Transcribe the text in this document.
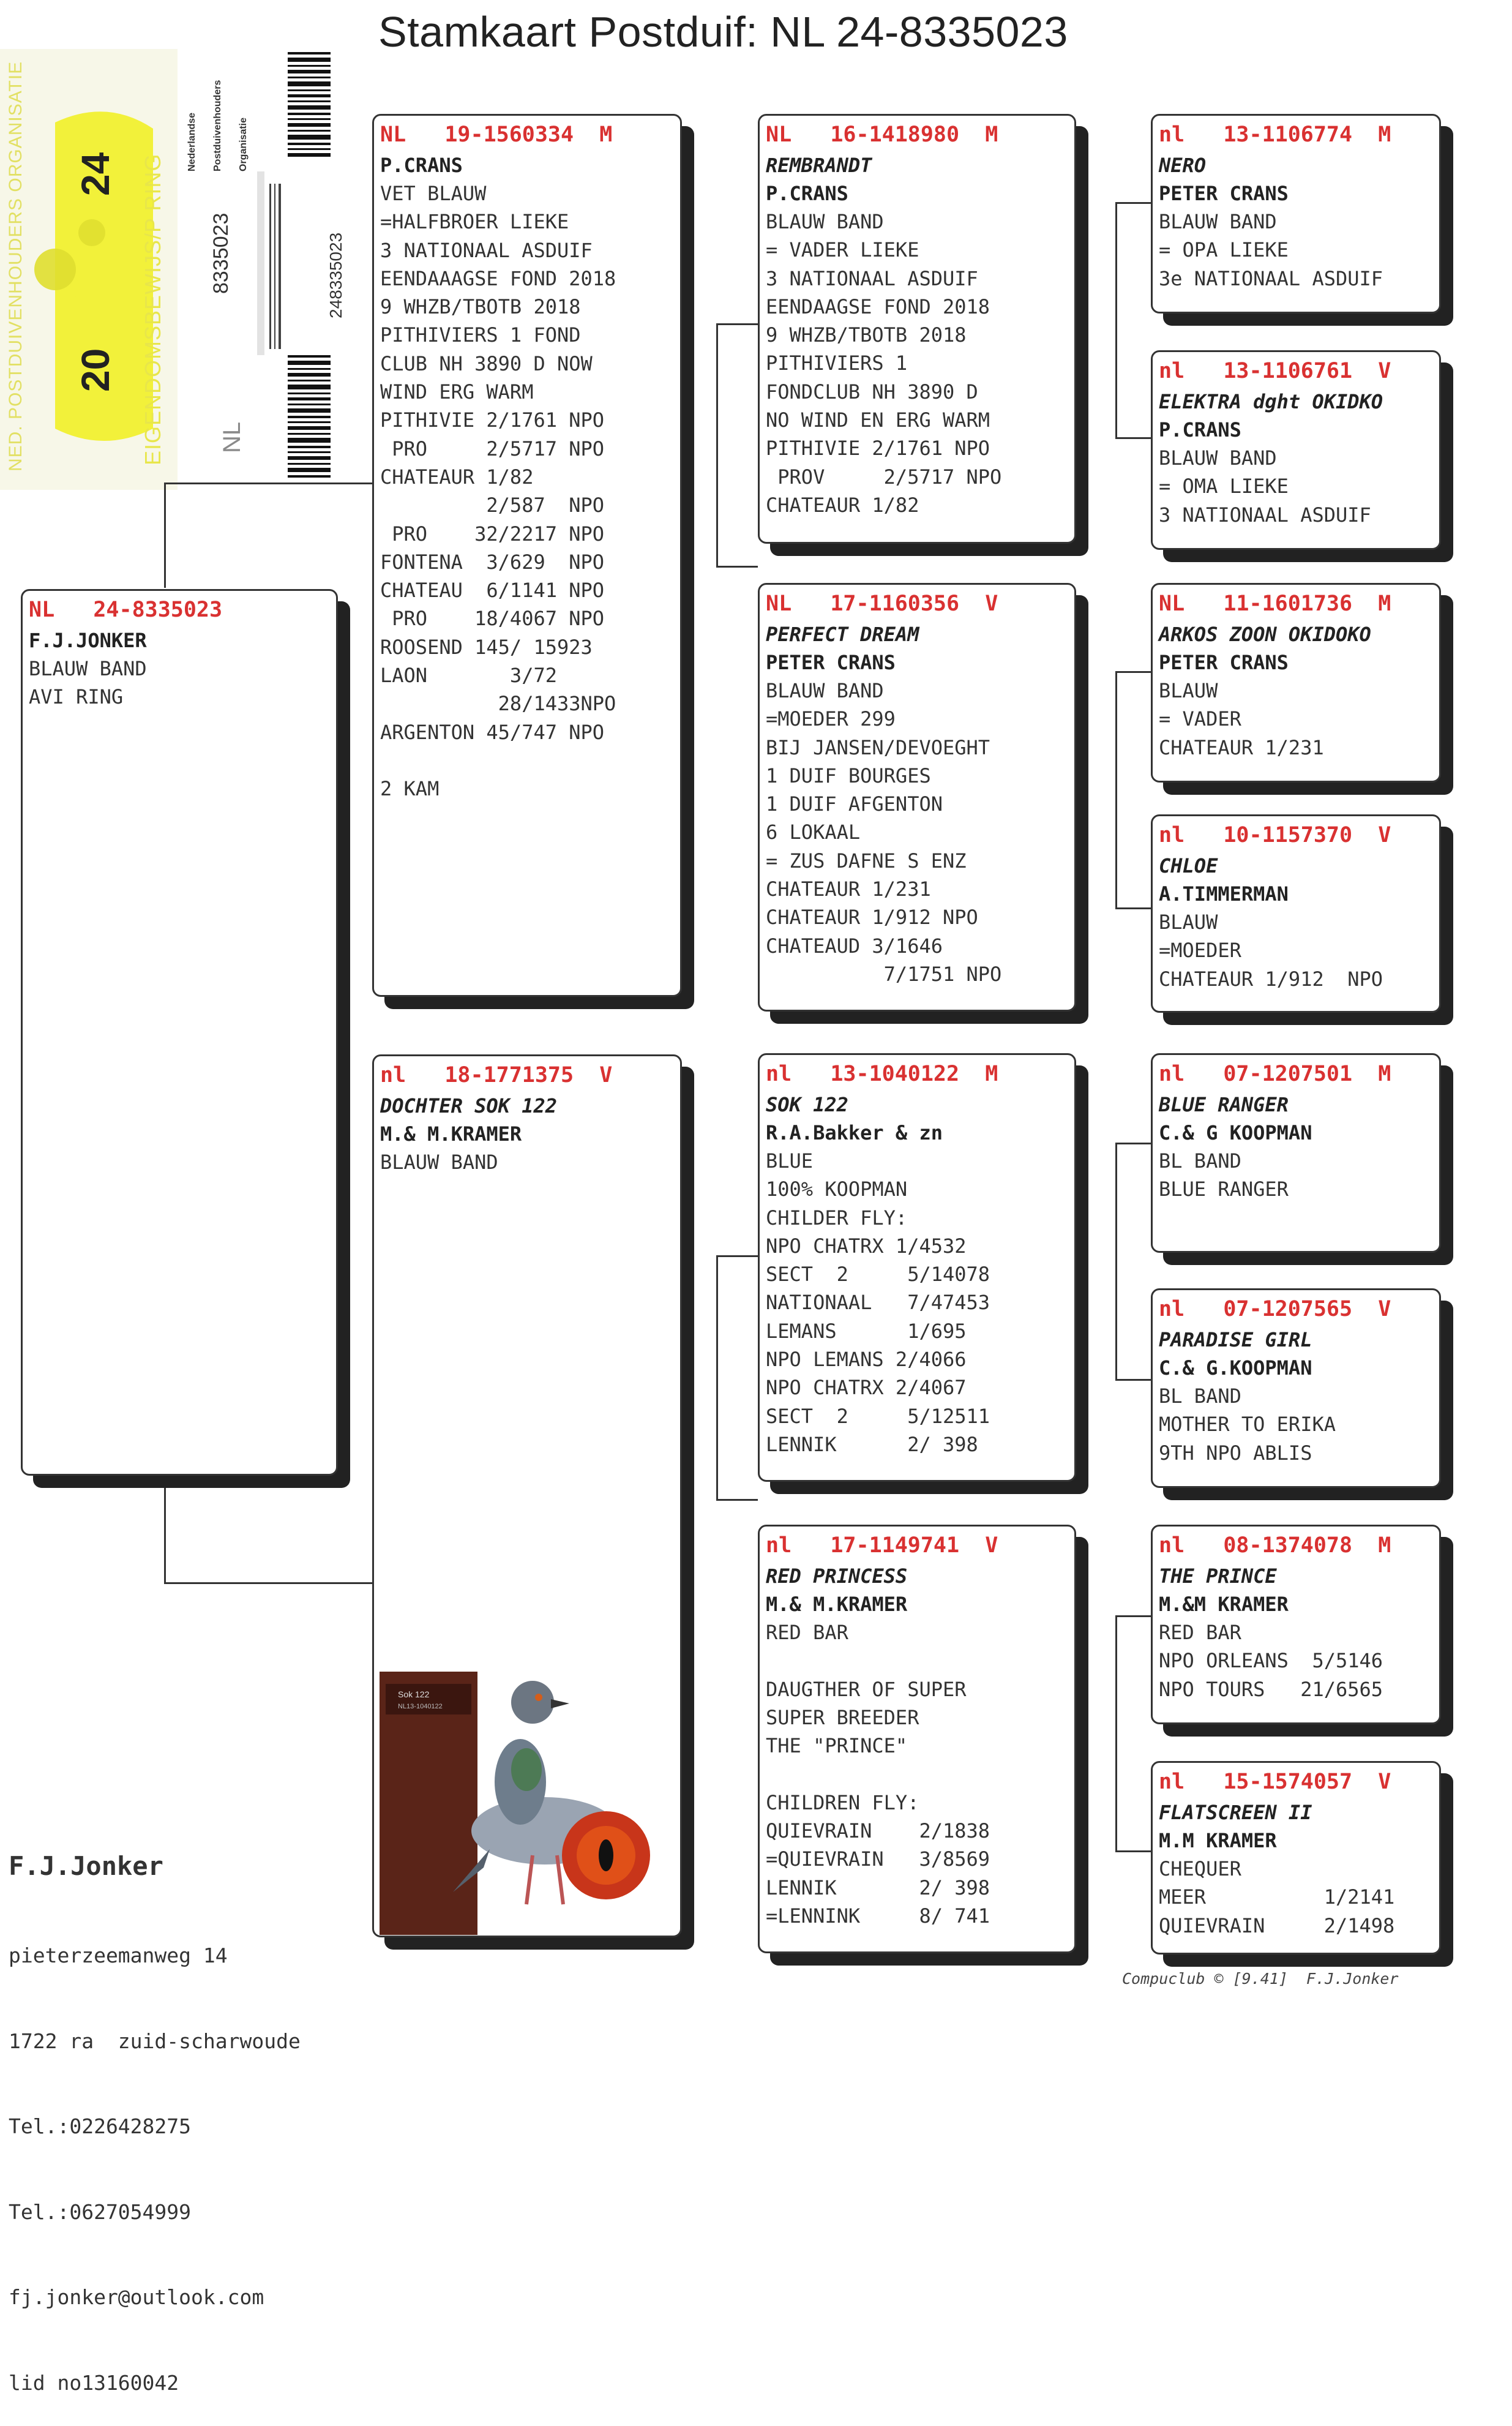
Stamkaart Postduif: NL 24-8335023
NED. POSTDUIVENHOUDERS ORGANISATIE	EIGENDOMSBEWIJS/P RING
20
24
NL
8335023
Nederlandse Postduivenhouders Organisatie
248335023
NL   24-8335023
F.J.JONKER
BLAUW BAND
AVI RING
NL   19-1560334  M
P.CRANS
VET BLAUW
=HALFBROER LIEKE
3 NATIONAAL ASDUIF
EENDAAAGSE FOND 2018
9 WHZB/TBOTB 2018
PITHIVIERS 1 FOND
CLUB NH 3890 D NOW
WIND ERG WARM
PITHIVIE 2/1761 NPO
PRO     2/5717 NPO
CHATEAUR 1/82
2/587  NPO
PRO    32/2217 NPO
FONTENA  3/629  NPO
CHATEAU  6/1141 NPO
PRO    18/4067 NPO
ROOSEND 145/ 15923
LAON       3/72
28/1433NPO
ARGENTON 45/747 NPO

2 KAM
nl   18-1771375  V
DOCHTER SOK 122
M.& M.KRAMER
BLAUW BAND
Sok 122
NL13-1040122
NL   16-1418980  M
REMBRANDT
P.CRANS
BLAUW BAND
= VADER LIEKE
3 NATIONAAL ASDUIF
EENDAAGSE FOND 2018
9 WHZB/TBOTB 2018
PITHIVIERS 1
FONDCLUB NH 3890 D
NO WIND EN ERG WARM
PITHIVIE 2/1761 NPO
PROV     2/5717 NPO
CHATEAUR 1/82
NL   17-1160356  V
PERFECT DREAM
PETER CRANS
BLAUW BAND
=MOEDER 299
BIJ JANSEN/DEVOEGHT
1 DUIF BOURGES
1 DUIF AFGENTON
6 LOKAAL
= ZUS DAFNE S ENZ
CHATEAUR 1/231
CHATEAUR 1/912 NPO
CHATEAUD 3/1646
7/1751 NPO
nl   13-1040122  M
SOK 122
R.A.Bakker & zn
BLUE
100% KOOPMAN
CHILDER FLY:
NPO CHATRX 1/4532
SECT  2     5/14078
NATIONAAL   7/47453
LEMANS      1/695
NPO LEMANS 2/4066
NPO CHATRX 2/4067
SECT  2     5/12511
LENNIK      2/ 398
nl   17-1149741  V
RED PRINCESS
M.& M.KRAMER
RED BAR

DAUGTHER OF SUPER
SUPER BREEDER
THE "PRINCE"

CHILDREN FLY:
QUIEVRAIN    2/1838
=QUIEVRAIN   3/8569
LENNIK       2/ 398
=LENNINK     8/ 741
nl   13-1106774  M
NERO
PETER CRANS
BLAUW BAND
= OPA LIEKE
3e NATIONAAL ASDUIF
nl   13-1106761  V
ELEKTRA dght OKIDKO
P.CRANS
BLAUW BAND
= OMA LIEKE
3 NATIONAAL ASDUIF
NL   11-1601736  M
ARKOS ZOON OKIDOKO
PETER CRANS
BLAUW
= VADER
CHATEAUR 1/231
nl   10-1157370  V
CHLOE
A.TIMMERMAN
BLAUW
=MOEDER
CHATEAUR 1/912  NPO
nl   07-1207501  M
BLUE RANGER
C.& G KOOPMAN
BL BAND
BLUE RANGER
nl   07-1207565  V
PARADISE GIRL
C.& G.KOOPMAN
BL BAND
MOTHER TO ERIKA
9TH NPO ABLIS
nl   08-1374078  M
THE PRINCE
M.&M KRAMER
RED BAR
NPO ORLEANS  5/5146
NPO TOURS   21/6565
nl   15-1574057  V
FLATSCREEN II
M.M KRAMER
CHEQUER
MEER          1/2141
QUIEVRAIN     2/1498

F.J.Jonker

pieterzeemanweg 14

1722 ra  zuid-scharwoude

Tel.:0226428275

Tel.:0627054999

fj.jonker@outlook.com

lid no13160042

Compuclub © [9.41]  F.J.Jonker
